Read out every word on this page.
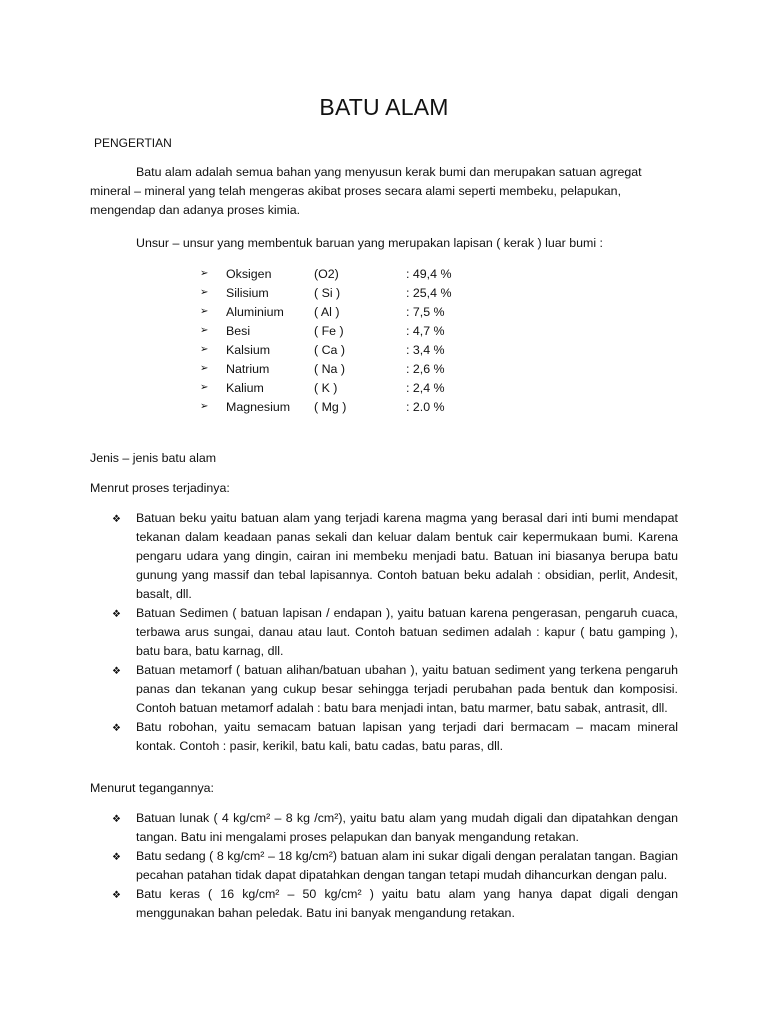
BATU ALAM
PENGERTIAN

Batu alam adalah semua bahan yang menyusun kerak bumi dan merupakan satuan agregat mineral – mineral yang telah mengeras akibat proses secara alami seperti membeku, pelapukan, mengendap dan adanya proses kimia.

Unsur – unsur yang membentuk baruan yang merupakan lapisan ( kerak ) luar bumi :

➢	Oksigen	(O2)	: 49,4 %
➢	Silisium	( Si )	: 25,4 %
➢	Aluminium	( Al )	: 7,5 %
➢	Besi	( Fe )	: 4,7 %
➢	Kalsium	( Ca )	: 3,4 %
➢	Natrium	( Na )	: 2,6 %
➢	Kalium	( K )	: 2,4 %
➢	Magnesium	( Mg )	: 2.0 %
Jenis – jenis batu alam
Menrut proses terjadinya:
❖	Batuan beku yaitu batuan alam yang terjadi karena magma yang berasal dari inti bumi mendapat tekanan dalam keadaan panas sekali dan keluar dalam bentuk cair kepermukaan bumi. Karena pengaru udara yang dingin, cairan ini membeku menjadi batu. Batuan ini biasanya berupa batu gunung yang massif dan tebal lapisannya. Contoh batuan beku adalah : obsidian, perlit, Andesit, basalt, dll.
❖	Batuan Sedimen ( batuan lapisan / endapan ), yaitu batuan karena pengerasan, pengaruh cuaca, terbawa arus sungai, danau atau laut. Contoh batuan sedimen adalah : kapur ( batu gamping ), batu bara, batu karnag, dll.
❖	Batuan metamorf ( batuan alihan/batuan ubahan ), yaitu batuan sediment yang terkena pengaruh panas dan tekanan yang cukup besar sehingga terjadi perubahan pada bentuk dan komposisi. Contoh batuan metamorf adalah : batu bara menjadi intan, batu marmer, batu sabak, antrasit, dll.
❖	Batu robohan, yaitu semacam batuan lapisan yang terjadi dari bermacam – macam mineral kontak. Contoh : pasir, kerikil, batu kali, batu cadas, batu paras, dll.
Menurut tegangannya:
❖	Batuan lunak ( 4 kg/cm² – 8 kg /cm²), yaitu batu alam yang mudah digali dan dipatahkan dengan tangan. Batu ini mengalami proses pelapukan dan banyak mengandung retakan.
❖	Batu sedang ( 8 kg/cm² – 18 kg/cm²) batuan alam ini sukar digali dengan peralatan tangan. Bagian pecahan patahan tidak dapat dipatahkan dengan tangan tetapi mudah dihancurkan dengan palu.
❖	Batu keras ( 16 kg/cm² – 50 kg/cm² ) yaitu batu alam yang hanya dapat digali dengan menggunakan bahan peledak. Batu ini banyak mengandung retakan.
